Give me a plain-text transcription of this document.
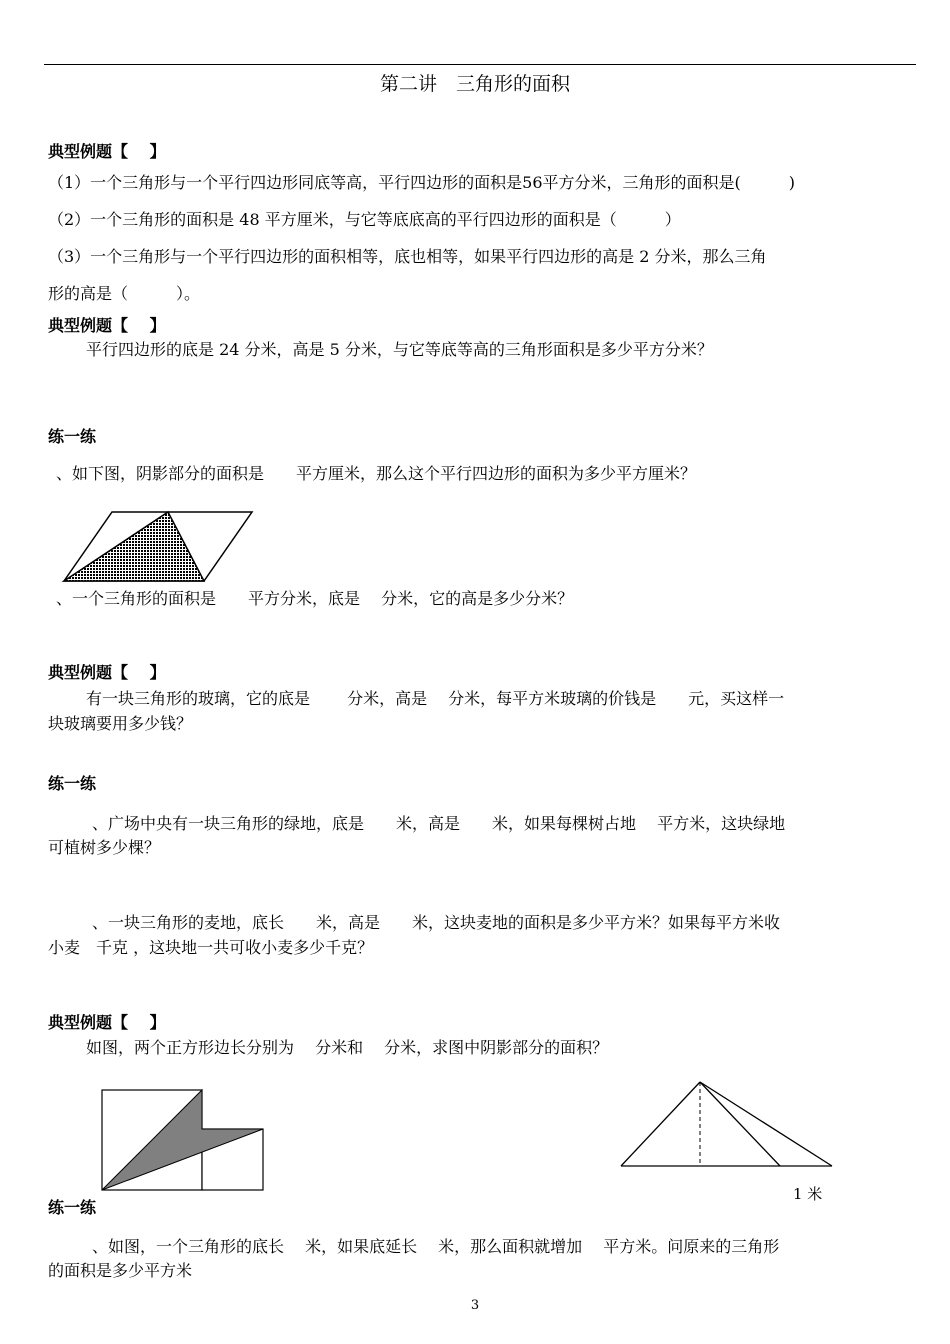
第二讲　三角形的面积
典型例题【　 】
（1）一个三角形与一个平行四边形同底等高，平行四边形的面积是56平方分米，三角形的面积是(　　　)
（2）一个三角形的面积是 48 平方厘米，与它等底底高的平行四边形的面积是（　　　）
（3）一个三角形与一个平行四边形的面积相等，底也相等，如果平行四边形的高是 2 分米，那么三角
形的高是（　　　）。
典型例题【　 】
平行四边形的底是 24 分米，高是 5 分米，与它等底等高的三角形面积是多少平方分米？
练一练
、如下图，阴影部分的面积是　　平方厘米，那么这个平行四边形的面积为多少平方厘米？
、一个三角形的面积是　　平方分米，底是　 分米，它的高是多少分米？
典型例题【　 】
有一块三角形的玻璃，它的底是　　 分米，高是　 分米，每平方米玻璃的价钱是　　元，买这样一
块玻璃要用多少钱？
练一练
、广场中央有一块三角形的绿地，底是　　米，高是　　米，如果每棵树占地　 平方米，这块绿地
可植树多少棵？
、一块三角形的麦地，底长　　米，高是　　米，这块麦地的面积是多少平方米？如果每平方米收
小麦　千克 ，这块地一共可收小麦多少千克？
典型例题【　 】
如图，两个正方形边长分别为　 分米和　 分米，求图中阴影部分的面积？
1 米
练一练
、如图，一个三角形的底长　 米，如果底延长　 米，那么面积就增加　 平方米。问原来的三角形
的面积是多少平方米
3
